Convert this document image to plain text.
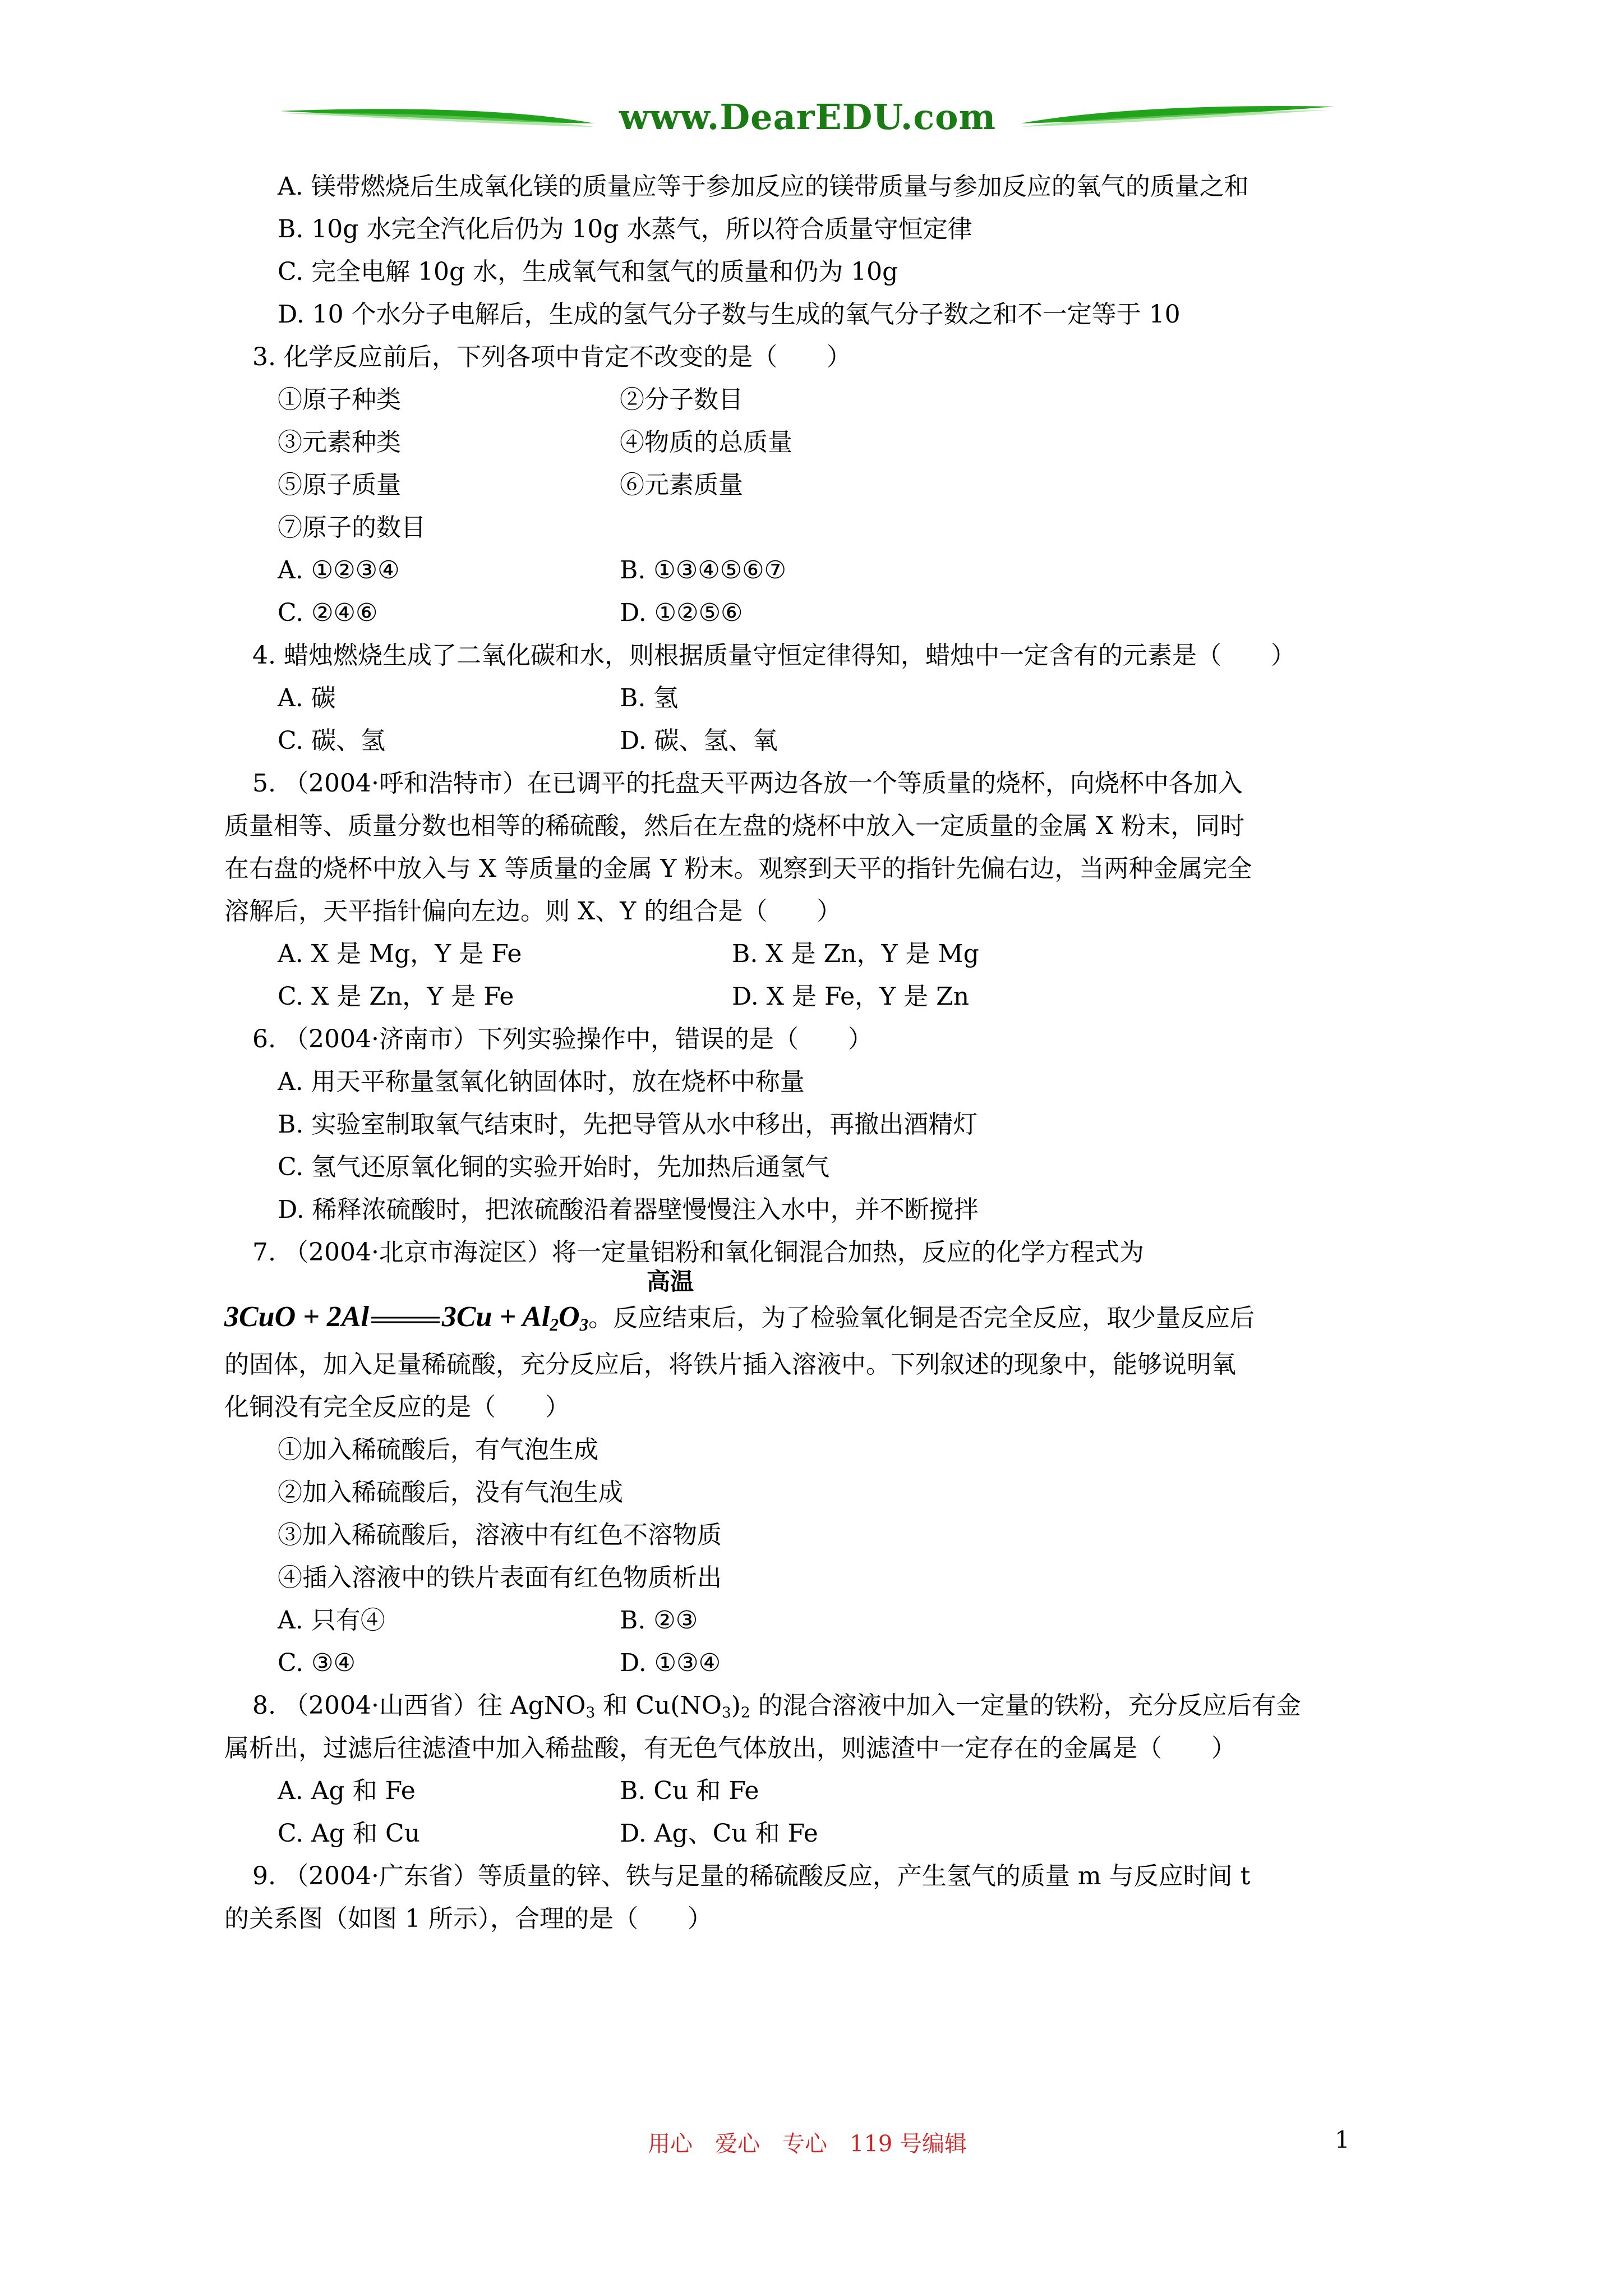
www.DearEDU.com
A. 镁带燃烧后生成氧化镁的质量应等于参加反应的镁带质量与参加反应的氧气的质量之和
B. 10g 水完全汽化后仍为 10g 水蒸气，所以符合质量守恒定律
C. 完全电解 10g 水，生成氧气和氢气的质量和仍为 10g
D. 10 个水分子电解后，生成的氢气分子数与生成的氧气分子数之和不一定等于 10
3. 化学反应前后，下列各项中肯定不改变的是（　　）
①原子种类	②分子数目
③元素种类	④物质的总质量
⑤原子质量	⑥元素质量
⑦原子的数目
A. ①②③④	B. ①③④⑤⑥⑦
C. ②④⑥	D. ①②⑤⑥
4. 蜡烛燃烧生成了二氧化碳和水，则根据质量守恒定律得知，蜡烛中一定含有的元素是（　　）
A. 碳	B. 氢
C. 碳、氢	D. 碳、氢、氧
5. （2004·呼和浩特市）在已调平的托盘天平两边各放一个等质量的烧杯，向烧杯中各加入
质量相等、质量分数也相等的稀硫酸，然后在左盘的烧杯中放入一定质量的金属 X 粉末，同时
在右盘的烧杯中放入与 X 等质量的金属 Y 粉末。观察到天平的指针先偏右边，当两种金属完全
溶解后，天平指针偏向左边。则 X、Y 的组合是（　　）
A. X 是 Mg，Y 是 Fe	B. X 是 Zn，Y 是 Mg
C. X 是 Zn，Y 是 Fe	D. X 是 Fe，Y 是 Zn
6. （2004·济南市）下列实验操作中，错误的是（　　）
A. 用天平称量氢氧化钠固体时，放在烧杯中称量
B. 实验室制取氧气结束时，先把导管从水中移出，再撤出酒精灯
C. 氢气还原氧化铜的实验开始时，先加热后通氢气
D. 稀释浓硫酸时，把浓硫酸沿着器壁慢慢注入水中，并不断搅拌
7. （2004·北京市海淀区）将一定量铝粉和氧化铜混合加热，反应的化学方程式为
3CuO + 2Al	$3Cu + Al_2O_3$。反应结束后，为了检验氧化铜是否完全反应，取少量反应后
高温
的固体，加入足量稀硫酸，充分反应后，将铁片插入溶液中。下列叙述的现象中，能够说明氧
化铜没有完全反应的是（　　）
①加入稀硫酸后，有气泡生成
②加入稀硫酸后，没有气泡生成
③加入稀硫酸后，溶液中有红色不溶物质
④插入溶液中的铁片表面有红色物质析出
A. 只有④	B. ②③
C. ③④	D. ①③④
8. （2004·山西省）往 AgNO$_3$ 和 $Cu(NO_3)_2$ 的混合溶液中加入一定量的铁粉，充分反应后有金
属析出，过滤后往滤渣中加入稀盐酸，有无色气体放出，则滤渣中一定存在的金属是（　　）
A. Ag 和 Fe	B. Cu 和 Fe
C. Ag 和 Cu	D. Ag、Cu 和 Fe
9. （2004·广东省）等质量的锌、铁与足量的稀硫酸反应，产生氢气的质量 m 与反应时间 t
的关系图（如图 1 所示），合理的是（　　）
用心　爱心　专心　119 号编辑	1
